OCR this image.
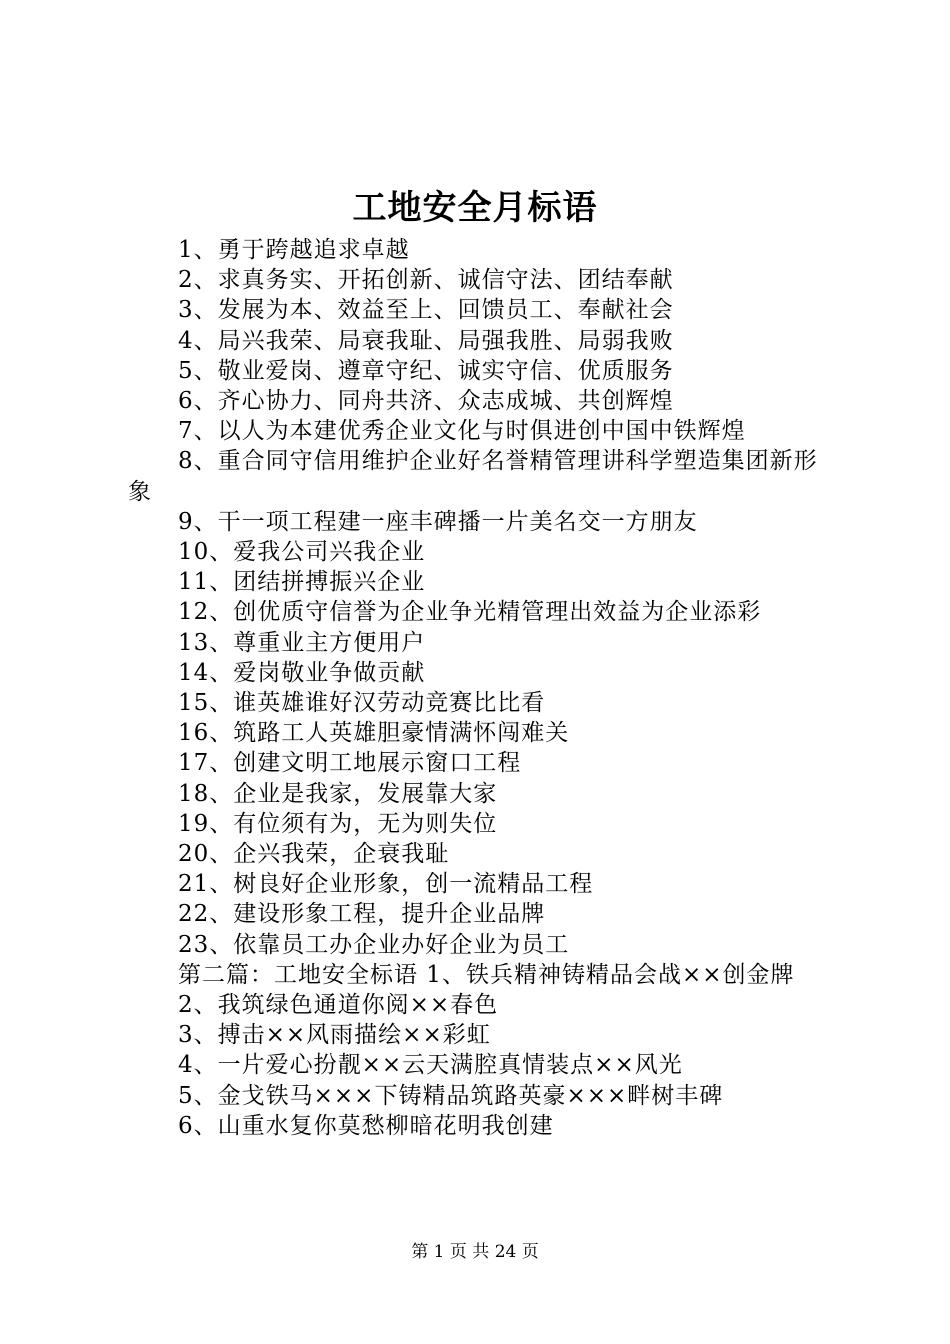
工地安全月标语

1、勇于跨越追求卓越

2、求真务实、开拓创新、诚信守法、团结奉献

3、发展为本、效益至上、回馈员工、奉献社会

4、局兴我荣、局衰我耻、局强我胜、局弱我败

5、敬业爱岗、遵章守纪、诚实守信、优质服务

6、齐心协力、同舟共济、众志成城、共创辉煌

7、以人为本建优秀企业文化与时俱进创中国中铁辉煌

8、重合同守信用维护企业好名誉精管理讲科学塑造集团新形象

9、干一项工程建一座丰碑播一片美名交一方朋友

10、爱我公司兴我企业

11、团结拼搏振兴企业

12、创优质守信誉为企业争光精管理出效益为企业添彩

13、尊重业主方便用户

14、爱岗敬业争做贡献

15、谁英雄谁好汉劳动竞赛比比看

16、筑路工人英雄胆豪情满怀闯难关

17、创建文明工地展示窗口工程

18、企业是我家，发展靠大家

19、有位须有为，无为则失位

20、企兴我荣，企衰我耻

21、树良好企业形象，创一流精品工程

22、建设形象工程，提升企业品牌

23、依靠员工办企业办好企业为员工

第二篇：工地安全标语 1、铁兵精神铸精品会战××创金牌

2、我筑绿色通道你阅××春色

3、搏击××风雨描绘××彩虹

4、一片爱心扮靓××云天满腔真情装点××风光

5、金戈铁马×××下铸精品筑路英豪×××畔树丰碑

6、山重水复你莫愁柳暗花明我创建

第 1 页 共 24 页
